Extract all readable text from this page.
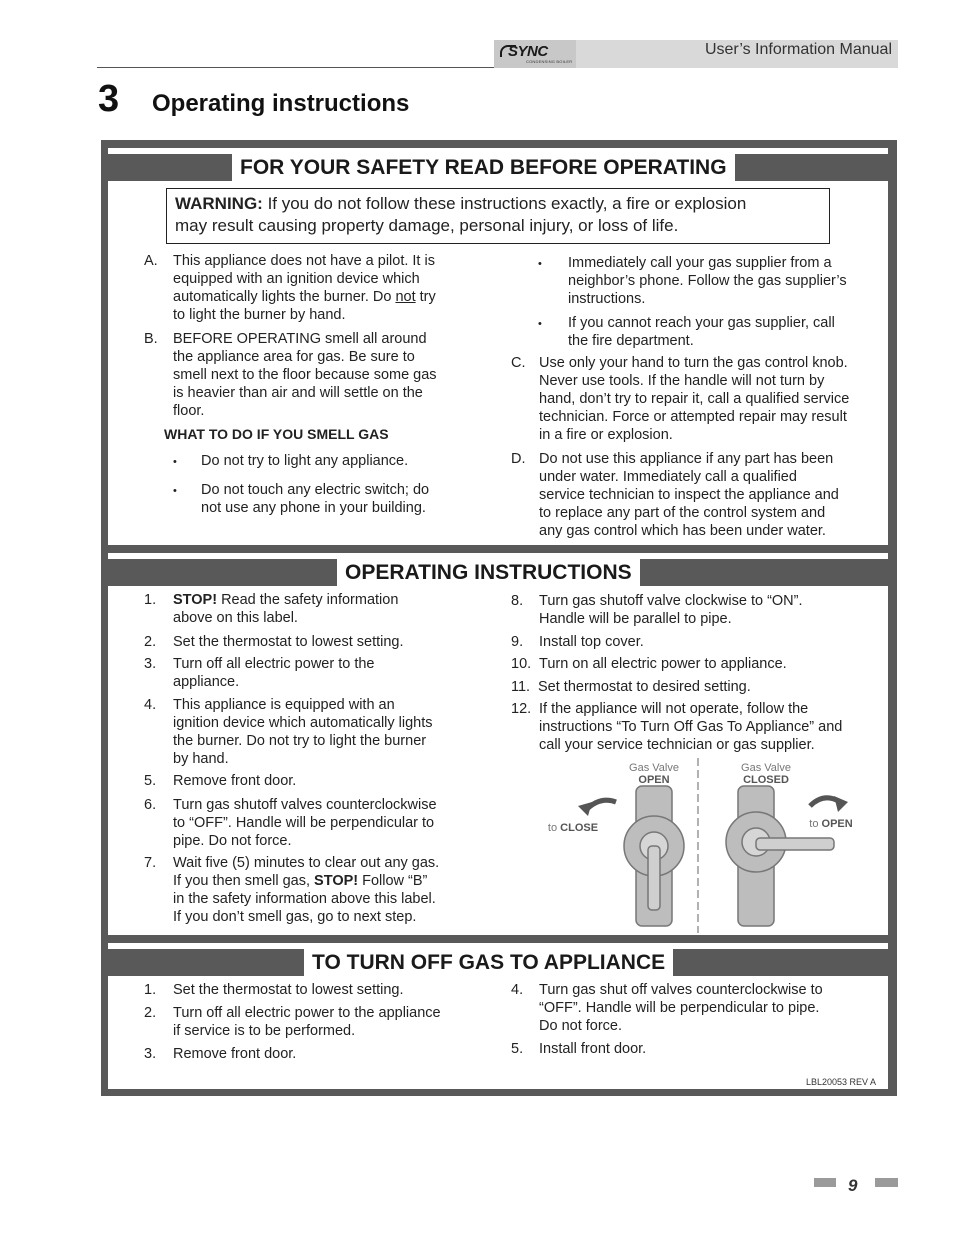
SYNC
CONDENSING BOILER
User’s Information Manual
3 Operating instructions
FOR YOUR SAFETY READ BEFORE OPERATING
WARNING: If you do not follow these instructions exactly, a fire or explosion
may result causing property damage, personal injury, or loss of life.
A. This appliance does not have a pilot. It is
equipped with an ignition device which
automatically lights the burner. Do not try
to light the burner by hand.
B. BEFORE OPERATING smell all around
the appliance area for gas. Be sure to
smell next to the floor because some gas
is heavier than air and will settle on the
floor.
WHAT TO DO IF YOU SMELL GAS
• Do not try to light any appliance.
• Do not touch any electric switch; do
not use any phone in your building.
• Immediately call your gas supplier from a
neighbor’s phone. Follow the gas supplier’s
instructions.
• If you cannot reach your gas supplier, call
the fire department.
C. Use only your hand to turn the gas control knob.
Never use tools. If the handle will not turn by
hand, don’t try to repair it, call a qualified service
technician. Force or attempted repair may result
in a fire or explosion.
D. Do not use this appliance if any part has been
under water. Immediately call a qualified
service technician to inspect the appliance and
to replace any part of the control system and
any gas control which has been under water.
OPERATING INSTRUCTIONS
1. STOP! Read the safety information
above on this label.
2. Set the thermostat to lowest setting.
3. Turn off all electric power to the
appliance.
4. This appliance is equipped with an
ignition device which automatically lights
the burner. Do not try to light the burner
by hand.
5. Remove front door.
6. Turn gas shutoff valves counterclockwise
to “OFF”. Handle will be perpendicular to
pipe. Do not force.
7. Wait five (5) minutes to clear out any gas.
If you then smell gas, STOP! Follow “B”
in the safety information above this label.
If you don’t smell gas, go to next step.
8. Turn gas shutoff valve clockwise to “ON”.
Handle will be parallel to pipe.
9. Install top cover.
10. Turn on all electric power to appliance.
11. Set thermostat to desired setting.
12. If the appliance will not operate, follow the
instructions “To Turn Off Gas To Appliance” and
call your service technician or gas supplier.
Gas Valve
OPEN
Gas Valve
CLOSED
to CLOSE	to OPEN
TO TURN OFF GAS TO APPLIANCE
1. Set the thermostat to lowest setting.
2. Turn off all electric power to the appliance
if service is to be performed.
3. Remove front door.
4. Turn gas shut off valves counterclockwise to
“OFF”. Handle will be perpendicular to pipe.
Do not force.
5. Install front door.
LBL20053 REV A
9
